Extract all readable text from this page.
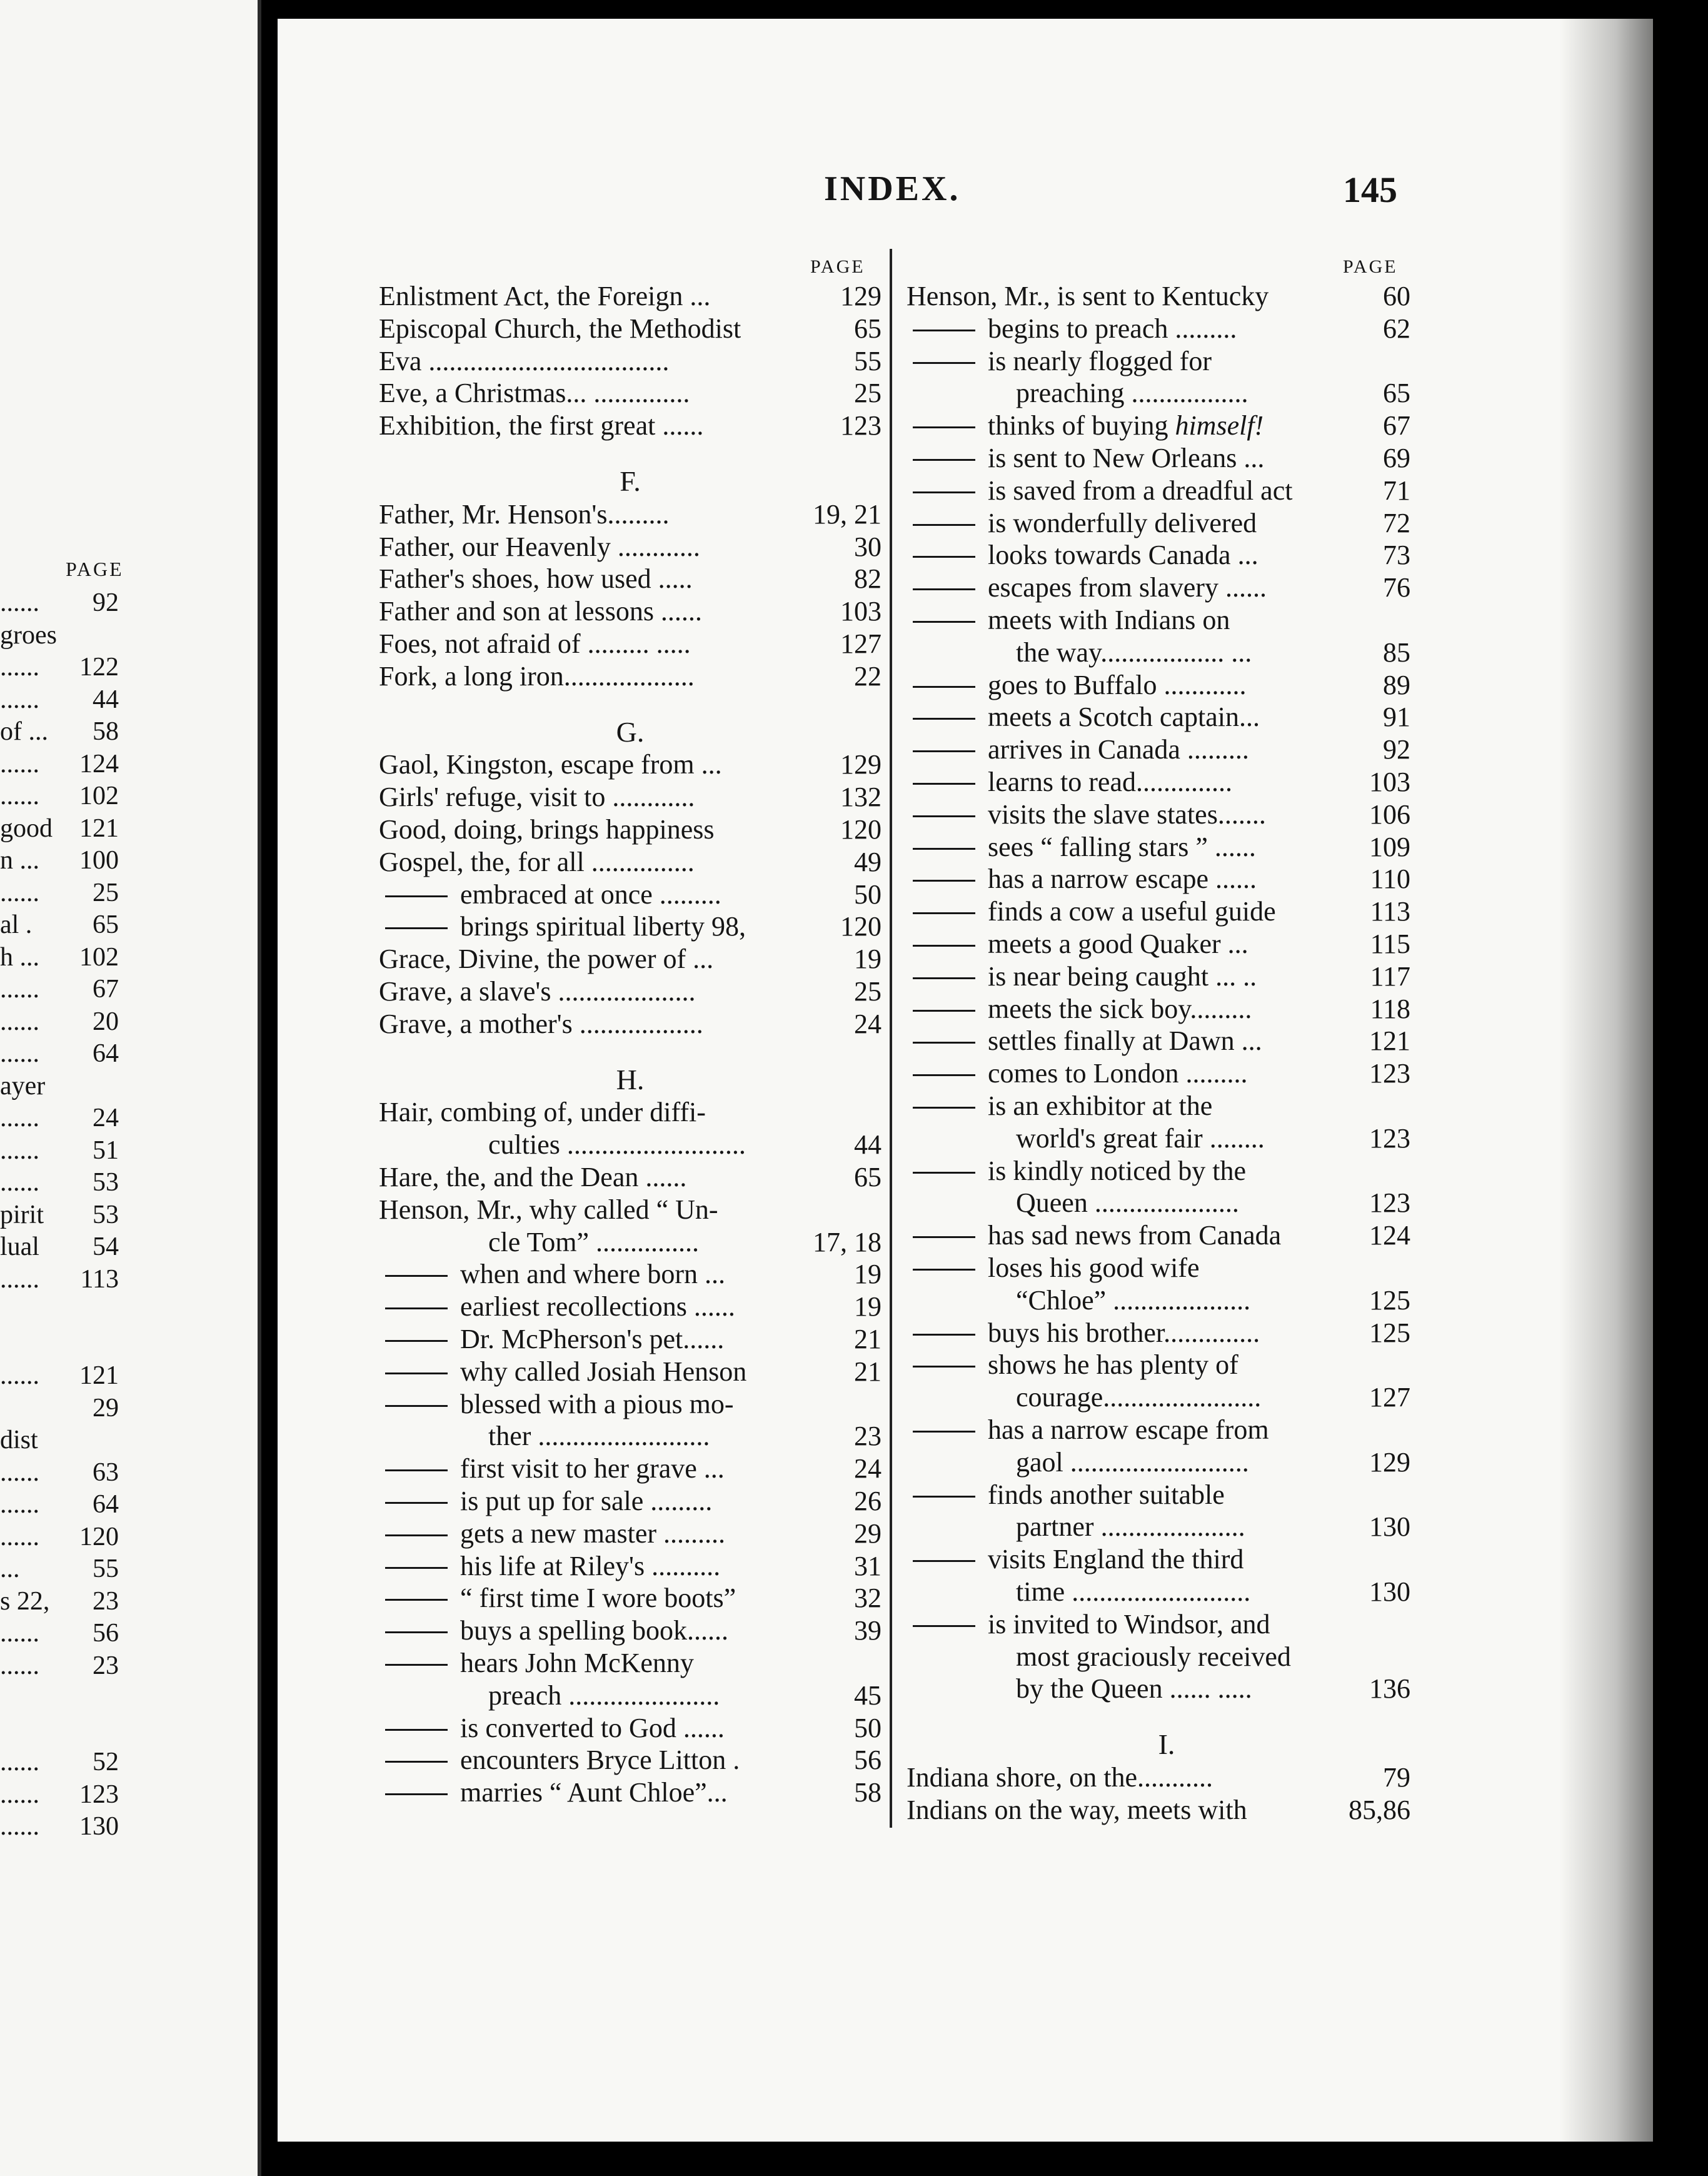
PAGE
...... 92
groes
...... 122
...... 44
of ... 58
...... 124
...... 102
good 121
n ... 100
...... 25
al . 65
h ... 102
...... 67
...... 20
...... 64
ayer
...... 24
...... 51
...... 53
pirit 53
lual 54
...... 113
...... 121
29
dist
...... 63
...... 64
...... 120
...	55
s 22, 23
...... 56
...... 23
...... 52
...... 123
...... 130
INDEX.	145
PAGE	PAGE
Enlistment Act, the Foreign ...	129
Episcopal Church, the Methodist	65
Eva ...................................	55
Eve, a Christmas... ..............	25
Exhibition, the first great ......	123
F.
Father, Mr. Henson's.........	19, 21
Father, our Heavenly ............	30
Father's shoes, how used .....	82
Father and son at lessons ......	103
Foes, not afraid of ......... .....	127
Fork, a long iron...................	22
G.
Gaol, Kingston, escape from ...	129
Girls' refuge, visit to ............	132
Good, doing, brings happiness	120
Gospel, the, for all ...............	49
embraced at once .........	50
brings spiritual liberty 98,	120
Grace, Divine, the power of ...	19
Grave, a slave's ....................	25
Grave, a mother's ..................	24
H.
Hair, combing of, under diffi-
culties ..........................	44
Hare, the, and the Dean ......	65
Henson, Mr., why called “ Un-
cle Tom” ...............	17, 18
when and where born ...	19
earliest recollections ......	19
Dr. McPherson's pet......	21
why called Josiah Henson	21
blessed with a pious mo-
ther .........................	23
first visit to her grave ...	24
is put up for sale .........	26
gets a new master .........	29
his life at Riley's ..........	31
“ first time I wore boots”	32
buys a spelling book......	39
hears John McKenny
preach ......................	45
is converted to God ......	50
encounters Bryce Litton .	56
marries “ Aunt Chloe”...	58
Henson, Mr., is sent to Kentucky	60
begins to preach .........	62
is nearly flogged for
preaching .................	65
thinks of buying himself!	67
is sent to New Orleans ...	69
is saved from a dreadful act	71
is wonderfully delivered	72
looks towards Canada ...	73
escapes from slavery ......	76
meets with Indians on
the way.................. ...	85
goes to Buffalo ............	89
meets a Scotch captain...	91
arrives in Canada .........	92
learns to read..............	103
visits the slave states.......	106
sees “ falling stars ” ......	109
has a narrow escape ......	110
finds a cow a useful guide	113
meets a good Quaker ...	115
is near being caught ... ..	117
meets the sick boy.........	118
settles finally at Dawn ...	121
comes to London .........	123
is an exhibitor at the
world's great fair ........	123
is kindly noticed by the
Queen .....................	123
has sad news from Canada	124
loses his good wife
“Chloe” ....................	125
buys his brother..............	125
shows he has plenty of
courage.......................	127
has a narrow escape from
gaol ..........................	129
finds another suitable
partner .....................	130
visits England the third
time ..........................	130
is invited to Windsor, and
most graciously received
by the Queen ...... .....	136
I.
Indiana shore, on the...........	79
Indians on the way, meets with	85,86
